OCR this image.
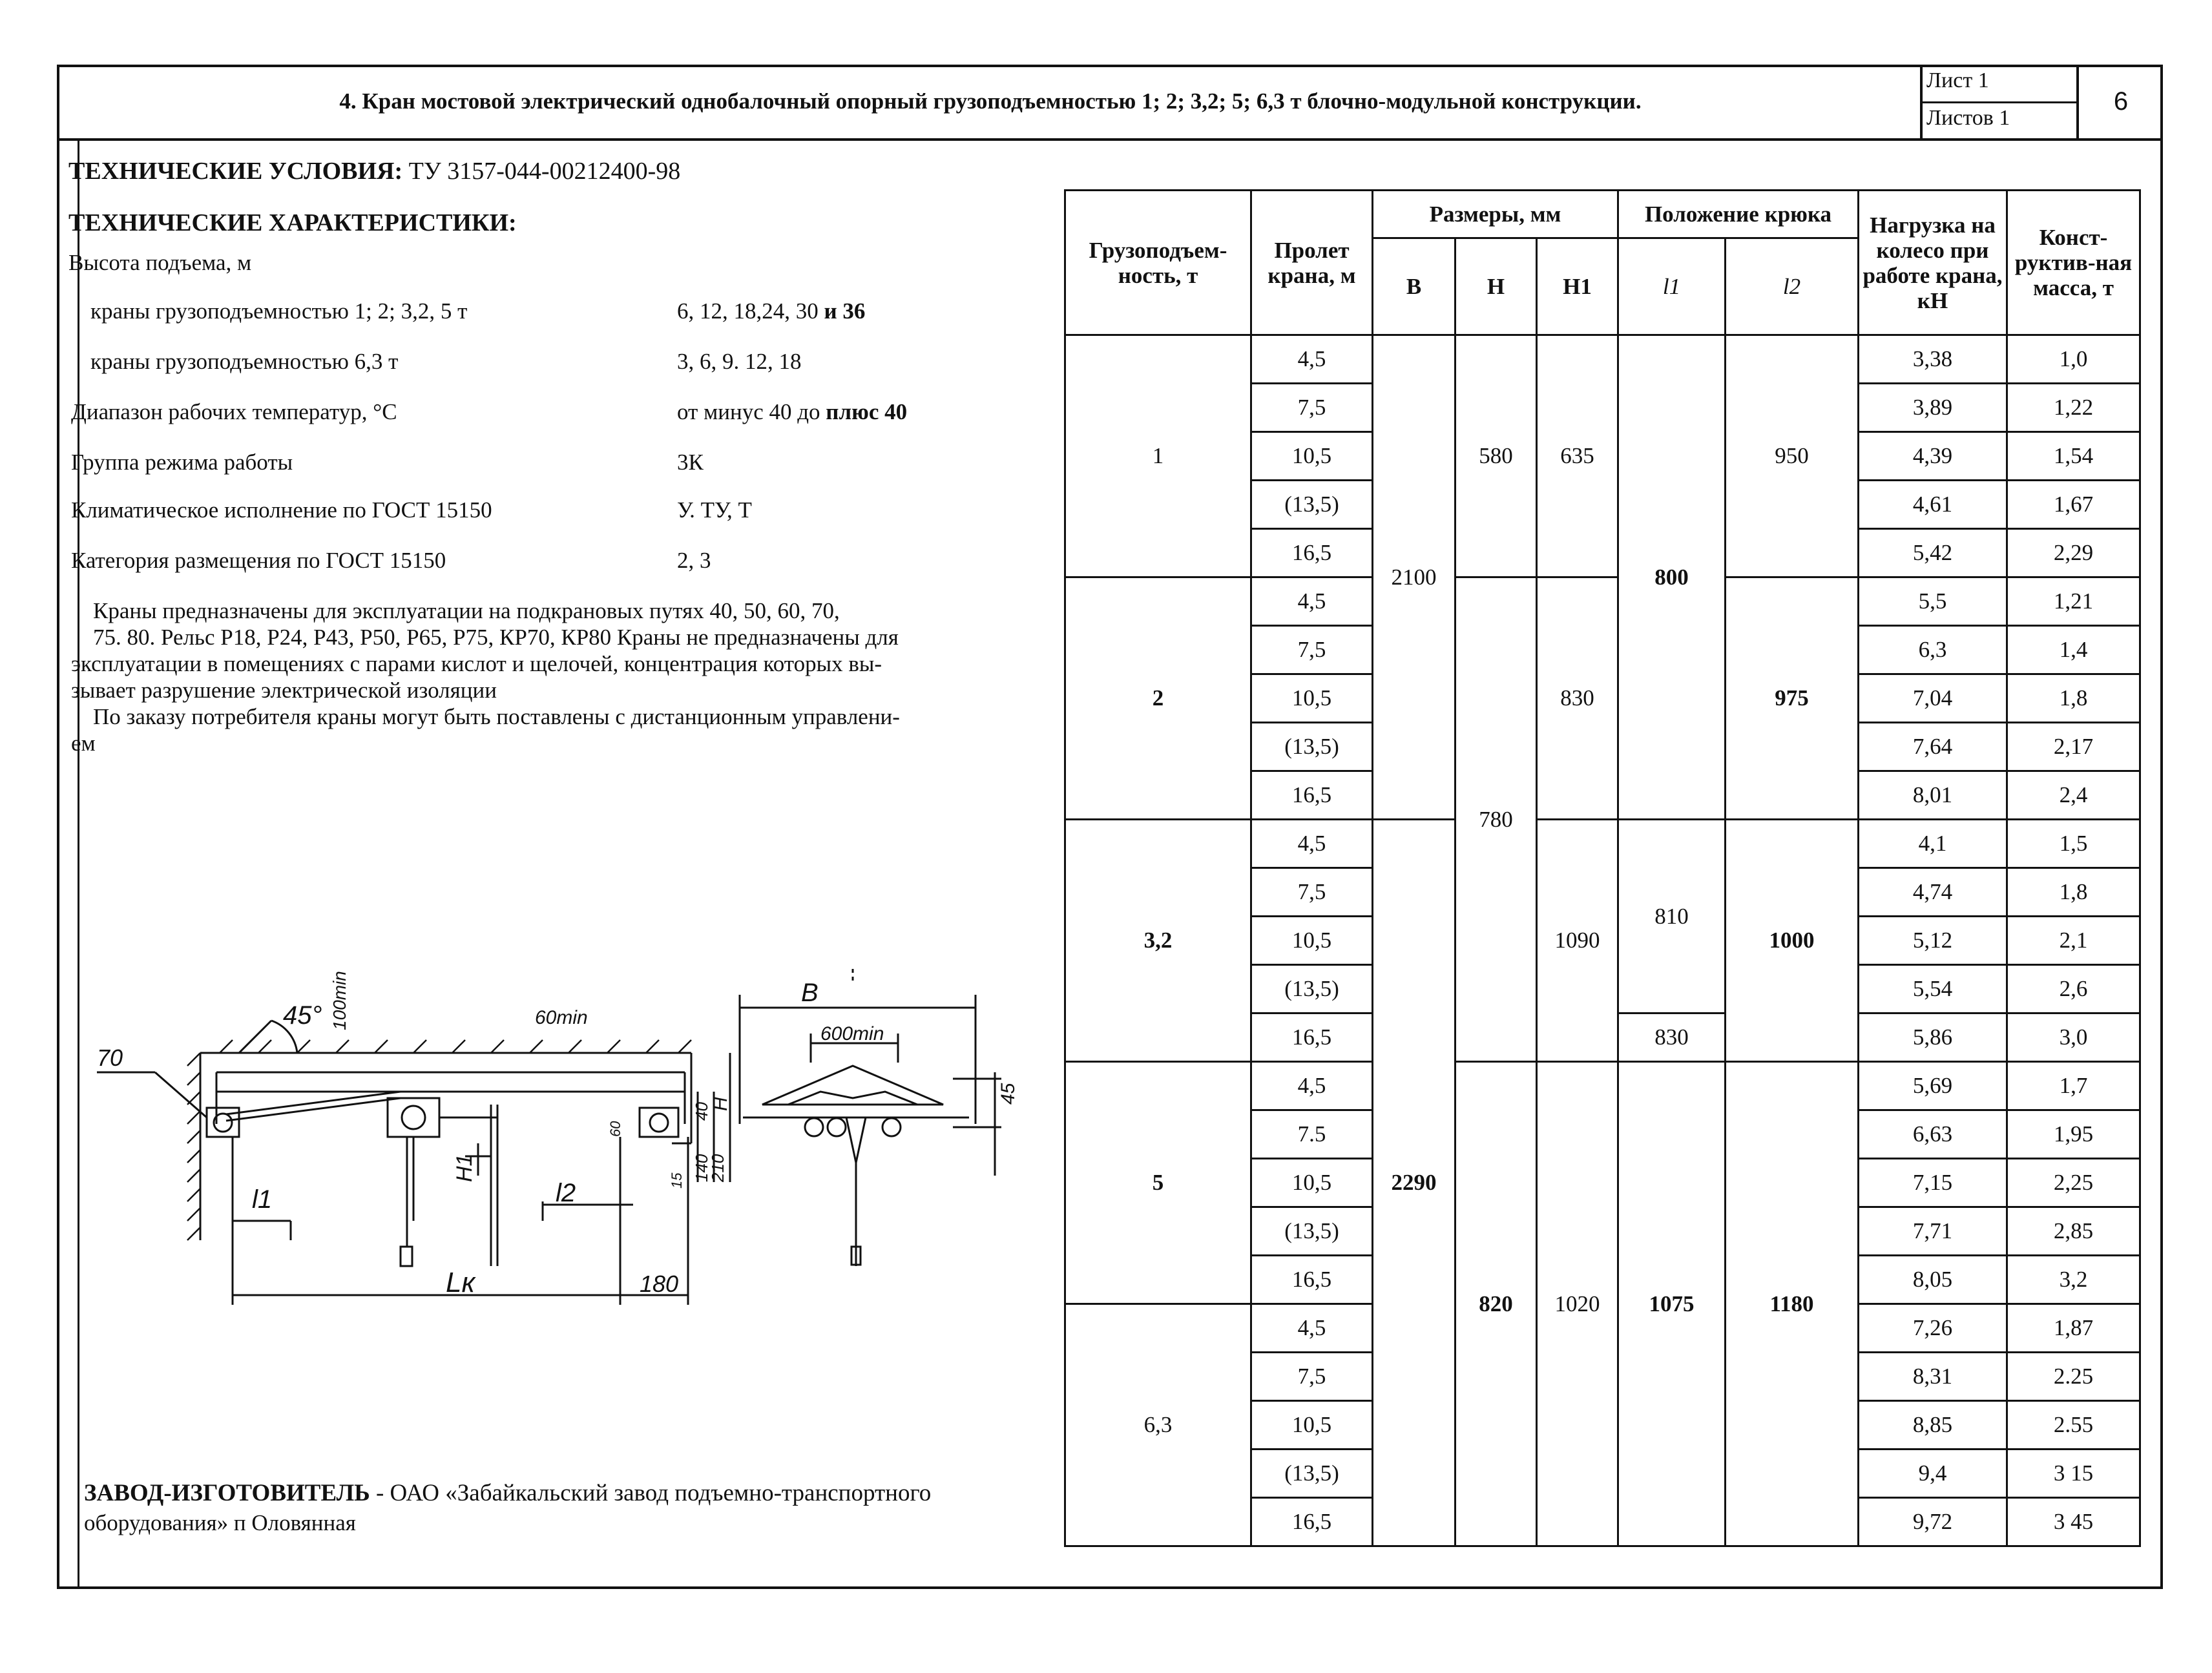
4. Кран мостовой электрический однобалочный опорный грузоподъемностью 1; 2; 3,2; 5; 6,3 т блочно-модульной конструкции.
Лист 1
Листов 1
6
ТЕХНИЧЕСКИЕ УСЛОВИЯ: ТУ 3157-044-00212400-98
ТЕХНИЧЕСКИЕ ХАРАКТЕРИСТИКИ:
Высота подъема, м
краны грузоподъемностью 1; 2; 3,2, 5 т	6, 12, 18,24, 30 и 36
краны грузоподъемностью 6,3 т	3, 6, 9. 12, 18
Диапазон рабочих температур, °С	от минус 40 до плюс 40
Группа режима работы	3К
Климатическое исполнение по ГОСТ 15150	У. ТУ, Т
Категория размещения по ГОСТ 15150	2, 3
Краны предназначены для эксплуатации на подкрановых путях 40, 50, 60, 70,
75. 80. Рельс Р18, Р24, Р43, Р50, Р65, Р75, КР70, КР80 Краны не предназначены для
эксплуатации в помещениях с парами кислот и щелочей, концентрация которых вы-
зывает разрушение электрической изоляции
По заказу потребителя краны могут быть поставлены с дистанционным управлени-
ем
45° 100min	60min
70
H1
l1	l2
Lк	180
210
140
40
H
15
60
B
600min
45
ЗАВОД-ИЗГОТОВИТЕЛЬ - ОАО «Забайкальский завод подъемно-транспортного
оборудования» п Оловянная
Грузоподъем-ность, т	Пролет крана, м	Размеры, мм			Положение крюка		Нагрузка на колесо при работе крана, кН	Конст-руктив-ная масса, т
		B	H	H1	l1	l2		
1	4,5	2100	580	635	800	950	3,38	1,0
	7,5						3,89	1,22
	10,5						4,39	1,54
	(13,5)						4,61	1,67
	16,5						5,42	2,29
2	4,5		780	830		975	5,5	1,21
	7,5						6,3	1,4
	10,5						7,04	1,8
	(13,5)						7,64	2,17
	16,5						8,01	2,4
3,2	4,5	2290		1090	810	1000	4,1	1,5
	7,5						4,74	1,8
	10,5						5,12	2,1
	(13,5)						5,54	2,6
	16,5				830		5,86	3,0
5	4,5		820	1020	1075	1180	5,69	1,7
	7.5						6,63	1,95
	10,5						7,15	2,25
	(13,5)						7,71	2,85
	16,5						8,05	3,2
6,3	4,5						7,26	1,87
	7,5						8,31	2.25
	10,5						8,85	2.55
	(13,5)						9,4	3 15
	16,5						9,72	3 45
